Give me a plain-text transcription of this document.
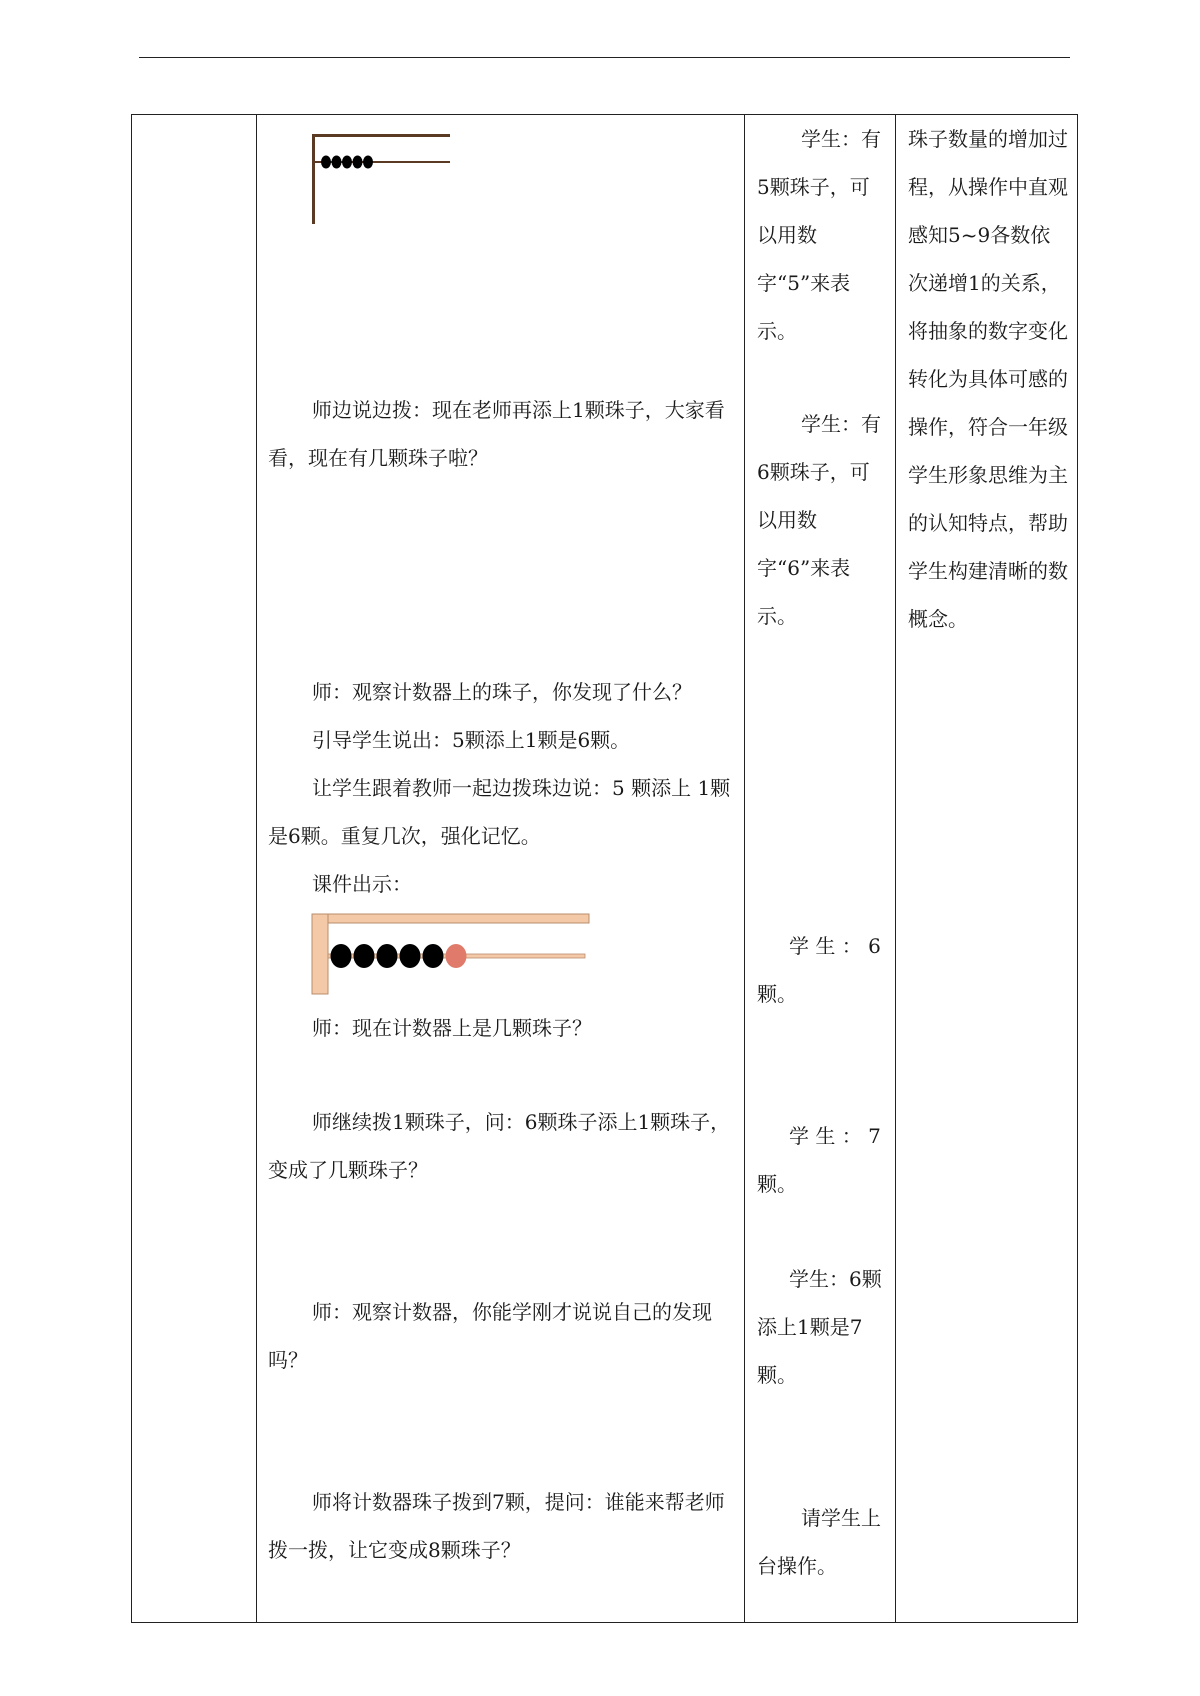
师边说边拨：现在老师再添上1颗珠子，大家看看，现在有几颗珠子啦？

师：观察计数器上的珠子，你发现了什么？

引导学生说出：5颗添上1颗是6颗。

让学生跟着教师一起边拨珠边说：5 颗添上 1颗是6颗。重复几次，强化记忆。

课件出示：

师：现在计数器上是几颗珠子？

师继续拨1颗珠子，问：6颗珠子添上1颗珠子，变成了几颗珠子？

师：观察计数器，你能学刚才说说自己的发现吗？

师将计数器珠子拨到7颗，提问：谁能来帮老师拨一拨，让它变成8颗珠子？

学生：有5颗珠子，可以用数字“5”来表示。

学生：有6颗珠子，可以用数字“6”来表示。

学 生 ： 6颗。

学 生 ： 7颗。

学生：6颗添上1颗是7颗。

请学生上台操作。

珠子数量的增加过程，从操作中直观感知5~9各数依次递增1的关系，将抽象的数字变化转化为具体可感的操作，符合一年级学生形象思维为主的认知特点，帮助学生构建清晰的数概念。
